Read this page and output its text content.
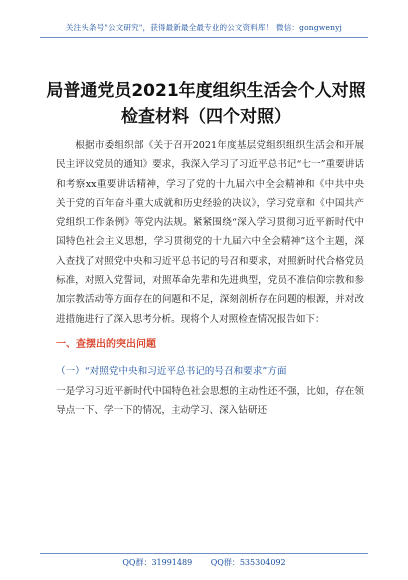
关注头条号"公文研究"，获得最新最全最专业的公文资料库！ 微信：gongwenyj
局普通党员2021年度组织生活会个人对照检查材料（四个对照）

根据市委组织部《关于召开2021年度基层党组织组织生活会和开展民主评议党员的通知》要求，我深入学习了习近平总书记“七一”重要讲话和考察xx重要讲话精神，学习了党的十九届六中全会精神和《中共中央关于党的百年奋斗重大成就和历史经验的决议》，学习党章和《中国共产党组织工作条例》等党内法规。紧紧围绕“深入学习贯彻习近平新时代中国特色社会主义思想，学习贯彻党的十九届六中全会精神”这个主题，深入查找了对照党中央和习近平总书记的号召和要求，对照新时代合格党员标准，对照入党誓词，对照革命先辈和先进典型，党员不准信仰宗教和参加宗教活动等方面存在的问题和不足，深刻剖析存在问题的根源，并对改进措施进行了深入思考分析。现将个人对照检查情况报告如下：

一、查摆出的突出问题

（一）“对照党中央和习近平总书记的号召和要求”方面

一是学习习近平新时代中国特色社会思想的主动性还不强，比如，存在领导点一下、学一下的情况，主动学习、深入钻研还

QQ群：31991489 QQ群：535304092
